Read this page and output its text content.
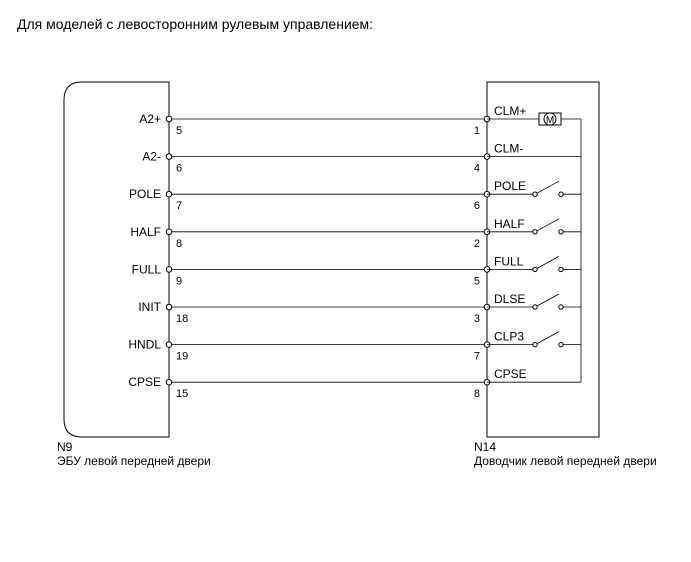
Для моделей с левосторонним рулевым управлением:
A2+
5	1
CLM+
M
A2-
6	4
CLM-
POLE
7	6
POLE
HALF
8	2
HALF
FULL
9	5
FULL
INIT
18	3
DLSE
HNDL
19	7
CLP3
CPSE
15	8
CPSE
N9
ЭБУ левой передней двери
N14
Доводчик левой передней двери
